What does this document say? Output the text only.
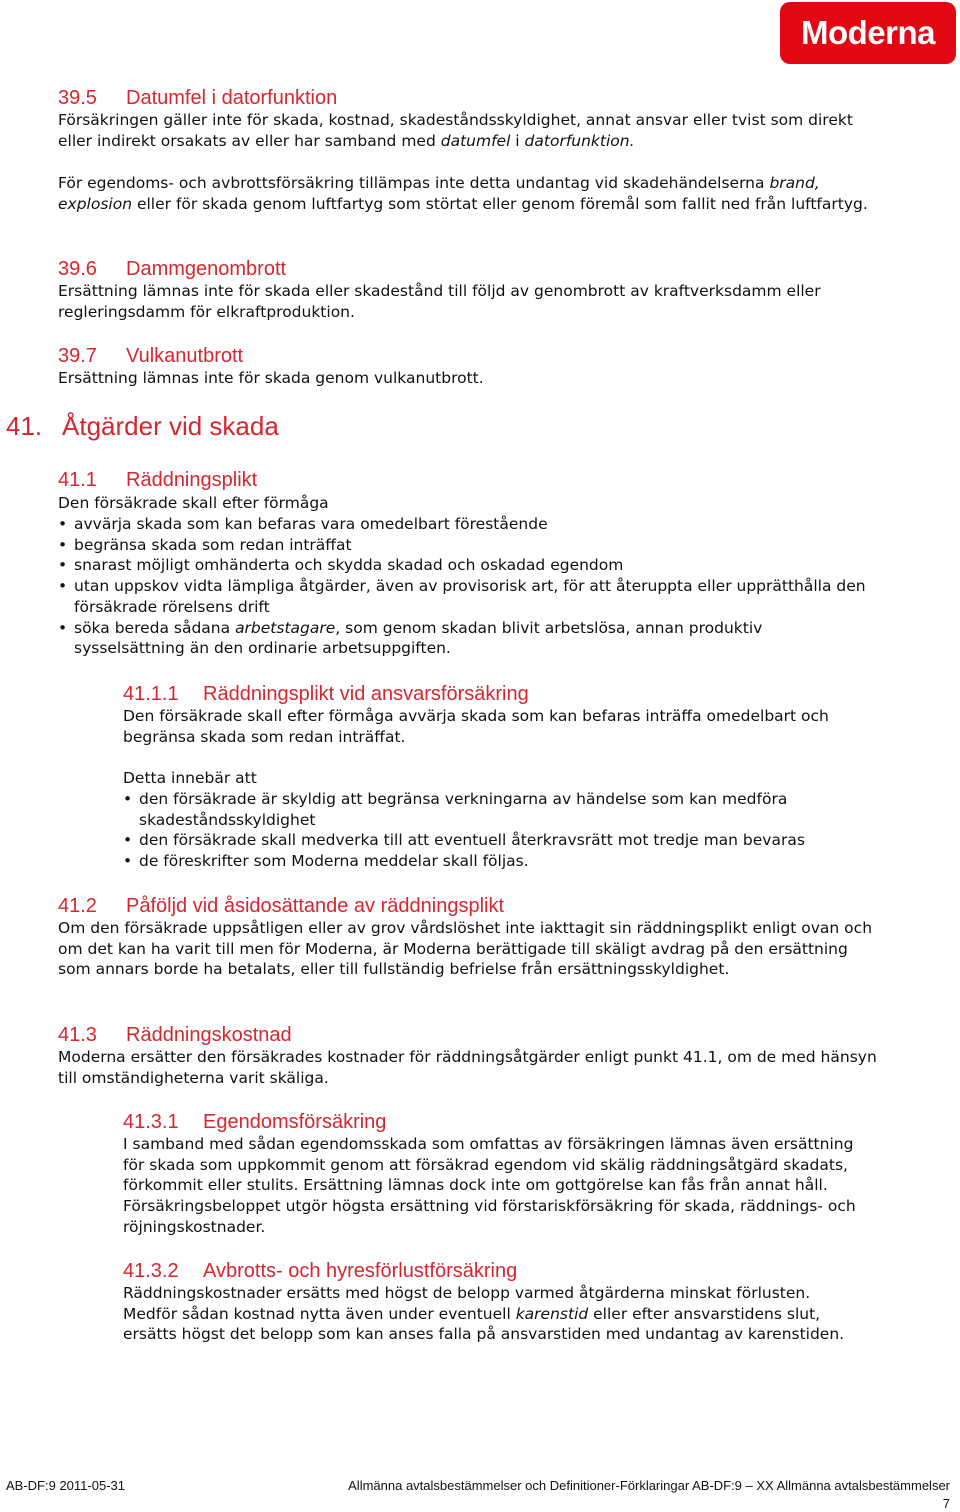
Moderna
39.5 Datumfel i datorfunktion

Försäkringen gäller inte för skada, kostnad, skadeståndsskyldighet, annat ansvar eller tvist som direkt eller indirekt orsakats av eller har samband med datumfel i datorfunktion.

För egendoms- och avbrottsförsäkring tillämpas inte detta undantag vid skadehändelserna brand, explosion eller för skada genom luftfartyg som störtat eller genom föremål som fallit ned från luftfartyg.

39.6 Dammgenombrott

Ersättning lämnas inte för skada eller skadestånd till följd av genombrott av kraftverksdamm eller regleringsdamm för elkraftproduktion.

39.7 Vulkanutbrott

Ersättning lämnas inte för skada genom vulkanutbrott.

41. Åtgärder vid skada
41.1 Räddningsplikt

Den försäkrade skall efter förmåga

• avvärja skada som kan befaras vara omedelbart förestående
• begränsa skada som redan inträffat
• snarast möjligt omhänderta och skydda skadad och oskadad egendom
• utan uppskov vidta lämpliga åtgärder, även av provisorisk art, för att återuppta eller upprätthålla den försäkrade rörelsens drift
• söka bereda sådana arbetstagare, som genom skadan blivit arbetslösa, annan produktiv sysselsättning än den ordinarie arbetsuppgiften.
41.1.1 Räddningsplikt vid ansvarsförsäkring

Den försäkrade skall efter förmåga avvärja skada som kan befaras inträffa omedelbart och begränsa skada som redan inträffat.

Detta innebär att

• den försäkrade är skyldig att begränsa verkningarna av händelse som kan medföra skadeståndsskyldighet
• den försäkrade skall medverka till att eventuell återkravsrätt mot tredje man bevaras
• de föreskrifter som Moderna meddelar skall följas.
41.2 Påföljd vid åsidosättande av räddningsplikt

Om den försäkrade uppsåtligen eller av grov vårdslöshet inte iakttagit sin räddningsplikt enligt ovan och om det kan ha varit till men för Moderna, är Moderna berättigade till skäligt avdrag på den ersättning som annars borde ha betalats, eller till fullständig befrielse från ersättningsskyldighet.

41.3 Räddningskostnad

Moderna ersätter den försäkrades kostnader för räddningsåtgärder enligt punkt 41.1, om de med hänsyn till omständigheterna varit skäliga.

41.3.1 Egendomsförsäkring

I samband med sådan egendomsskada som omfattas av försäkringen lämnas även ersättning för skada som uppkommit genom att försäkrad egendom vid skälig räddningsåtgärd skadats, förkommit eller stulits. Ersättning lämnas dock inte om gottgörelse kan fås från annat håll. Försäkringsbeloppet utgör högsta ersättning vid förstariskförsäkring för skada, räddnings- och röjningskostnader.

41.3.2 Avbrotts- och hyresförlustförsäkring

Räddningskostnader ersätts med högst de belopp varmed åtgärderna minskat förlusten. Medför sådan kostnad nytta även under eventuell karenstid eller efter ansvarstidens slut, ersätts högst det belopp som kan anses falla på ansvarstiden med undantag av karenstiden.

AB-DF:9 2011-05-31	Allmänna avtalsbestämmelser och Definitioner-Förklaringar AB-DF:9 – XX Allmänna avtalsbestämmelser
7
